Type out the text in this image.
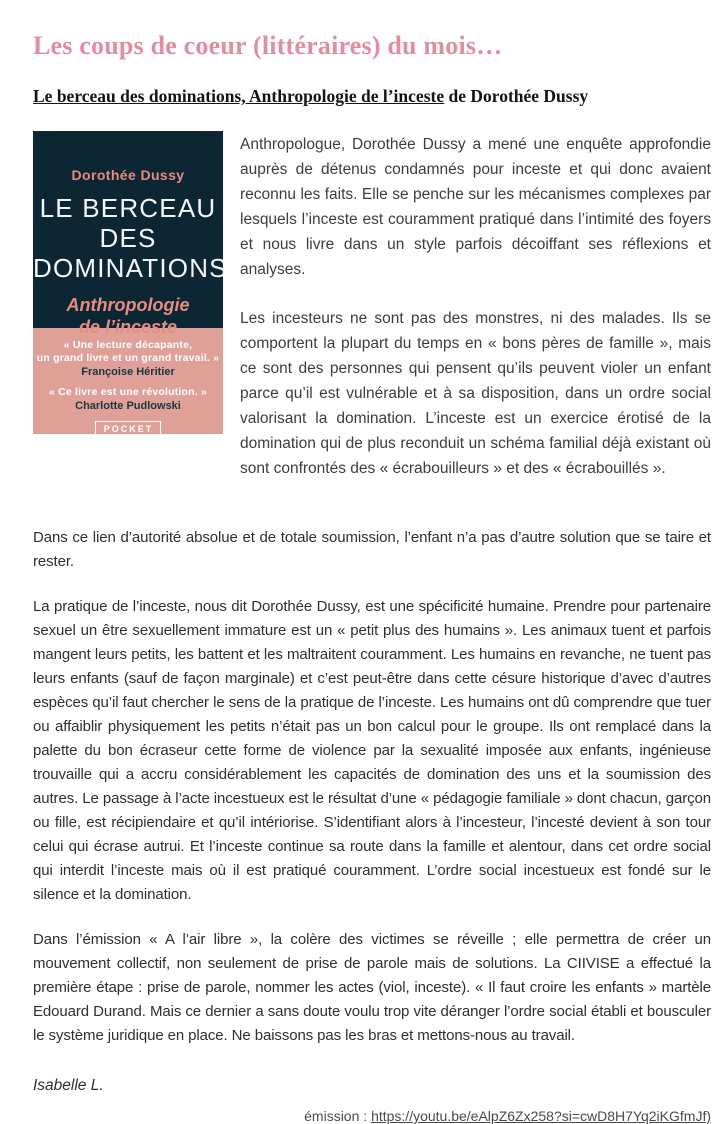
Les coups de coeur (littéraires) du mois…
Le berceau des dominations, Anthropologie de l’inceste de Dorothée Dussy
Dorothée Dussy
LE BERCEAU
DES
DOMINATIONS
Anthropologie
de l’inceste
« Une lecture décapante,
un grand livre et un grand travail. »
Françoise Héritier
« Ce livre est une révolution. »
Charlotte Pudlowski
POCKET

Anthropologue, Dorothée Dussy a mené une enquête approfondie auprès de détenus condamnés pour inceste et qui donc avaient reconnu les faits. Elle se penche sur les mécanismes complexes par lesquels l’inceste est couramment pratiqué dans l’intimité des foyers et nous livre dans un style parfois décoiffant ses réflexions et analyses.

Les incesteurs ne sont pas des monstres, ni des malades. Ils se comportent la plupart du temps en « bons pères de famille », mais ce sont des personnes qui pensent qu’ils peuvent violer un enfant parce qu’il est vulnérable et à sa disposition, dans un ordre social valorisant la domination. L’inceste est un exercice érotisé de la domination qui de plus reconduit un schéma familial déjà existant où sont confrontés des « écrabouilleurs » et des « écrabouillés ».

Dans ce lien d’autorité absolue et de totale soumission, l’enfant n’a pas d’autre solution que se taire et rester.

La pratique de l’inceste, nous dit Dorothée Dussy, est une spécificité humaine. Prendre pour partenaire sexuel un être sexuellement immature est un « petit plus des humains ». Les animaux tuent et parfois mangent leurs petits, les battent et les maltraitent couramment. Les humains en revanche, ne tuent pas leurs enfants (sauf de façon marginale) et c’est peut-être dans cette césure historique d’avec d’autres espèces qu’il faut chercher le sens de la pratique de l’inceste. Les humains ont dû comprendre que tuer ou affaiblir physiquement les petits n’était pas un bon calcul pour le groupe. Ils ont remplacé dans la palette du bon écraseur cette forme de violence par la sexualité imposée aux enfants, ingénieuse trouvaille qui a accru considérablement les capacités de domination des uns et la soumission des autres. Le passage à l’acte incestueux est le résultat d’une « pédagogie familiale » dont chacun, garçon ou fille, est récipiendaire et qu’il intériorise. S’identifiant alors à l’incesteur, l’incesté devient à son tour celui qui écrase autrui. Et l’inceste continue sa route dans la famille et alentour, dans cet ordre social qui interdit l’inceste mais où il est pratiqué couramment. L’ordre social incestueux est fondé sur le silence et la domination.

Dans l’émission « A l’air libre », la colère des victimes se réveille ; elle permettra de créer un mouvement collectif, non seulement de prise de parole mais de solutions. La CIIVISE a effectué la première étape : prise de parole, nommer les actes (viol, inceste). « Il faut croire les enfants » martèle Edouard Durand. Mais ce dernier a sans doute voulu trop vite déranger l’ordre social établi et bousculer le système juridique en place. Ne baissons pas les bras et mettons-nous au travail.

Isabelle L.

émission : https://youtu.be/eAlpZ6Zx258?si=cwD8H7Yq2iKGfmJf)
